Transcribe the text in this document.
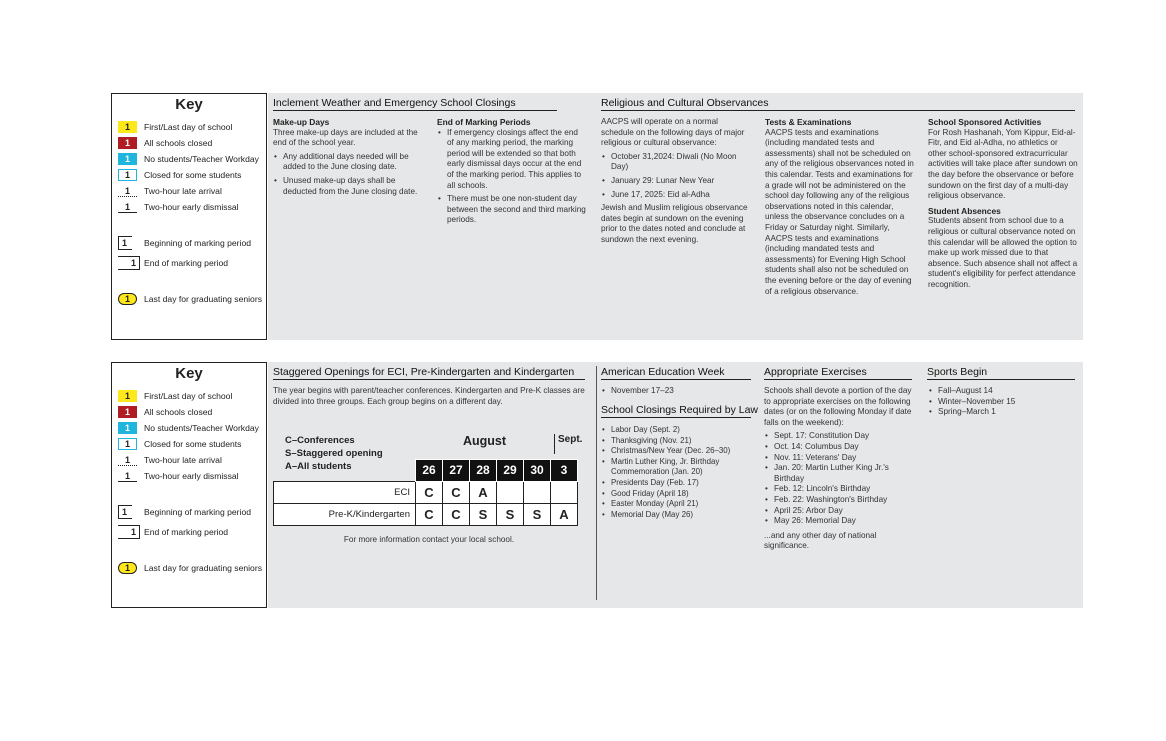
Key
1	First/Last day of school
1	All schools closed
1	No students/Teacher Workday
1	Closed for some students
1	Two-hour late arrival
1	Two-hour early dismissal
1	Beginning of marking period
1 End of marking period
1	Last day for graduating seniors
Inclement Weather and Emergency School Closings
Make-up Days

Three make-up days are included at the end of the school year.

• Any additional days needed will be added to the June closing date.
• Unused make-up days shall be deducted from the June closing date.
End of Marking Periods
• If emergency closings affect the end of any marking period, the marking period will be extended so that both early dismissal days occur at the end of the marking period. This applies to all schools.
• There must be one non-student day between the second and third marking periods.
Religious and Cultural Observances

AACPS will operate on a normal schedule on the following days of major religious or cultural observance:

• October 31,2024: Diwali (No Moon Day)
• January 29: Lunar New Year
• June 17, 2025: Eid al-Adha

Jewish and Muslim religious observance dates begin at sundown on the evening prior to the dates noted and conclude at sundown the next evening.

Tests & Examinations

AACPS tests and examinations (including mandated tests and assessments) shall not be scheduled on any of the religious observances noted in this calendar. Tests and examinations for a grade will not be administered on the school day following any of the religious observations noted in this calendar, unless the observance concludes on a Friday or Saturday night. Similarly, AACPS tests and examinations (including mandated tests and assessments) for Evening High School students shall also not be scheduled on the evening before or the day of evening of a religious observance.

School Sponsored Activities

For Rosh Hashanah, Yom Kippur, Eid-al-Fitr, and Eid al-Adha, no athletics or other school-sponsored extracurricular activities will take place after sundown on the day before the observance or before sundown on the first day of a multi-day religious observance.

Student Absences

Students absent from school due to a religious or cultural observance noted on this calendar will be allowed the option to make up work missed due to that absence. Such absence shall not affect a student's eligibility for perfect attendance recognition.

Key
1	First/Last day of school
1	All schools closed
1	No students/Teacher Workday
1	Closed for some students
1	Two-hour late arrival
1	Two-hour early dismissal
1	Beginning of marking period
1 End of marking period
1	Last day for graduating seniors
Staggered Openings for ECI, Pre-Kindergarten and Kindergarten

The year begins with parent/teacher conferences. Kindergarten and Pre-K classes are divided into three groups. Each group begins on a different day.

C–Conferences
S–Staggered opening
A–All students
August	Sept.
	26	27	28	29	30	3
ECI	C	C	A			
Pre-K/Kindergarten	C	C	S	S	S	A
For more information contact your local school.
American Education Week
• November 17–23
School Closings Required by Law
• Labor Day (Sept. 2)
• Thanksgiving (Nov. 21)
• Christmas/New Year (Dec. 26–30)
• Martin Luther King, Jr. Birthday Commemoration (Jan. 20)
• Presidents Day (Feb. 17)
• Good Friday (April 18)
• Easter Monday (April 21)
• Memorial Day (May 26)
Appropriate Exercises

Schools shall devote a portion of the day to appropriate exercises on the following dates (or on the following Monday if date falls on the weekend):

• Sept. 17: Constitution Day
• Oct. 14: Columbus Day
• Nov. 11: Veterans' Day
• Jan. 20: Martin Luther King Jr.'s Birthday
• Feb. 12: Lincoln's Birthday
• Feb. 22: Washington's Birthday
• April 25: Arbor Day
• May 26: Memorial Day

...and any other day of national significance.

Sports Begin
• Fall–August 14
• Winter–November 15
• Spring–March 1
